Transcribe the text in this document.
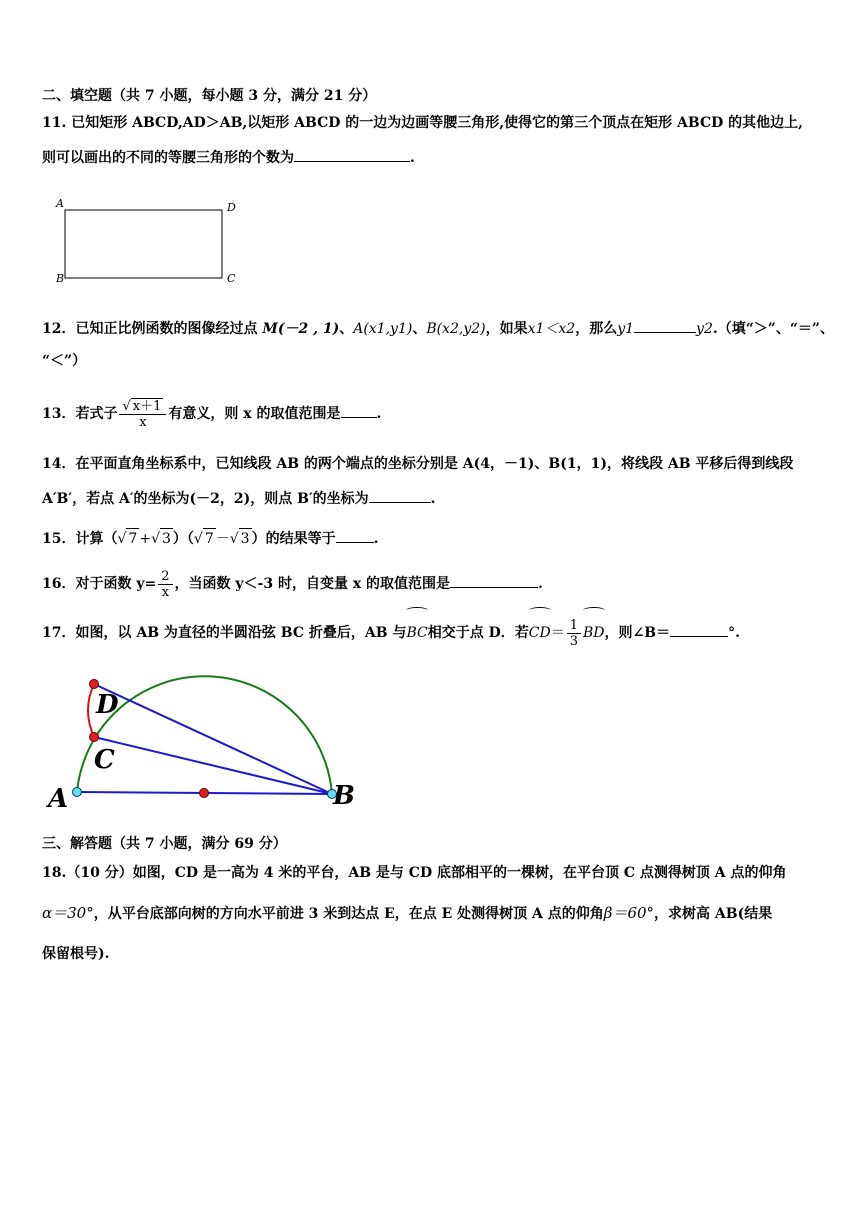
二、填空题（共 7 小题，每小题 3 分，满分 21 分）
11. 已知矩形 ABCD,AD＞AB,以矩形 ABCD 的一边为边画等腰三角形,使得它的第三个顶点在矩形 ABCD 的其他边上,
则可以画出的不同的等腰三角形的个数为	.
A	D
B	C
12．已知正比例函数的图像经过点 M(－2 , 1)、A(x1,y1)、B(x2,y2)，如果x1＜x2，那么y1	y2.（填“＞”、“＝”、
“＜”）
13．若式子 $\frac{√ x+1}{x}$ 有意义，则 x 的取值范围是	.
14．在平面直角坐标系中，已知线段 AB 的两个端点的坐标分别是 A(4，－1)、B(1，1)，将线段 AB 平移后得到线段
A′B′，若点 A′的坐标为(－2，2)，则点 B′的坐标为	.
15．计算（√ 7 +√ 3 ）（√ 7 －√ 3 ）的结果等于	.
16．对于函数 $y= \frac{2}{x}$ ，当函数 y＜-3 时，自变量 x 的取值范围是	.
17．如图，以 AB 为直径的半圆沿弦 BC 折叠后，AB 与BC相交于点 D．若$CD= \frac{1}{3}$ BD，则∠B＝	°.
A	B
C
D
三、解答题（共 7 小题，满分 69 分）
18.（10 分）如图，CD 是一高为 4 米的平台，AB 是与 CD 底部相平的一棵树，在平台顶 C 点测得树顶 A 点的仰角
α＝30°，从平台底部向树的方向水平前进 3 米到达点 E，在点 E 处测得树顶 A 点的仰角β＝60°，求树高 AB(结果
保留根号).
